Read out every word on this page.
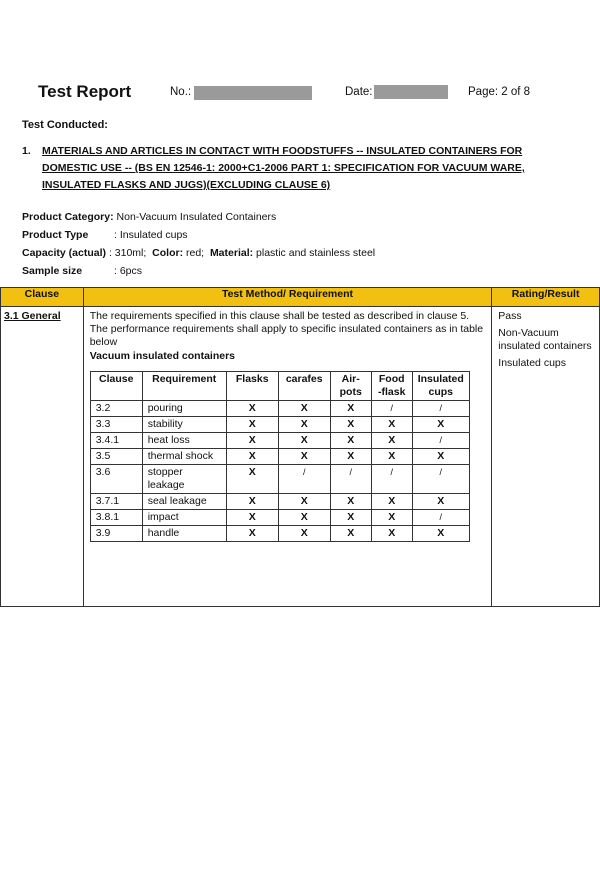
Test Report	No.:	Date:	Page: 2 of 8
Test Conducted:
1. MATERIALS AND ARTICLES IN CONTACT WITH FOODSTUFFS -- INSULATED CONTAINERS FOR DOMESTIC USE -- (BS EN 12546-1: 2000+C1-2006 PART 1: SPECIFICATION FOR VACUUM WARE, INSULATED FLASKS AND JUGS)(EXCLUDING CLAUSE 6)
Product Category: Non-Vacuum Insulated Containers
Product Type : Insulated cups
Capacity (actual) : 310ml; Color: red; Material: plastic and stainless steel
Sample size	: 6pcs
Clause	Test Method/ Requirement	Rating/Result
3.1 General	The requirements specified in this clause shall be tested as described in clause 5. The performance requirements shall apply to specific insulated containers as in table below
Vacuum insulated containers
Clause	Requirement	Flasks	carafes	Air-pots	Food -flask	Insulated cups
3.2	pouring	X	X	X	/	/
3.3	stability	X	X	X	X	X
3.4.1	heat loss	X	X	X	X	/
3.5	thermal shock	X	X	X	X	X
3.6	stopper leakage	X	/	/	/	/
3.7.1	seal leakage	X	X	X	X	X
3.8.1	impact	X	X	X	X	/
3.9	handle	X	X	X	X	X

Pass
Non-Vacuum insulated containers
Insulated cups
